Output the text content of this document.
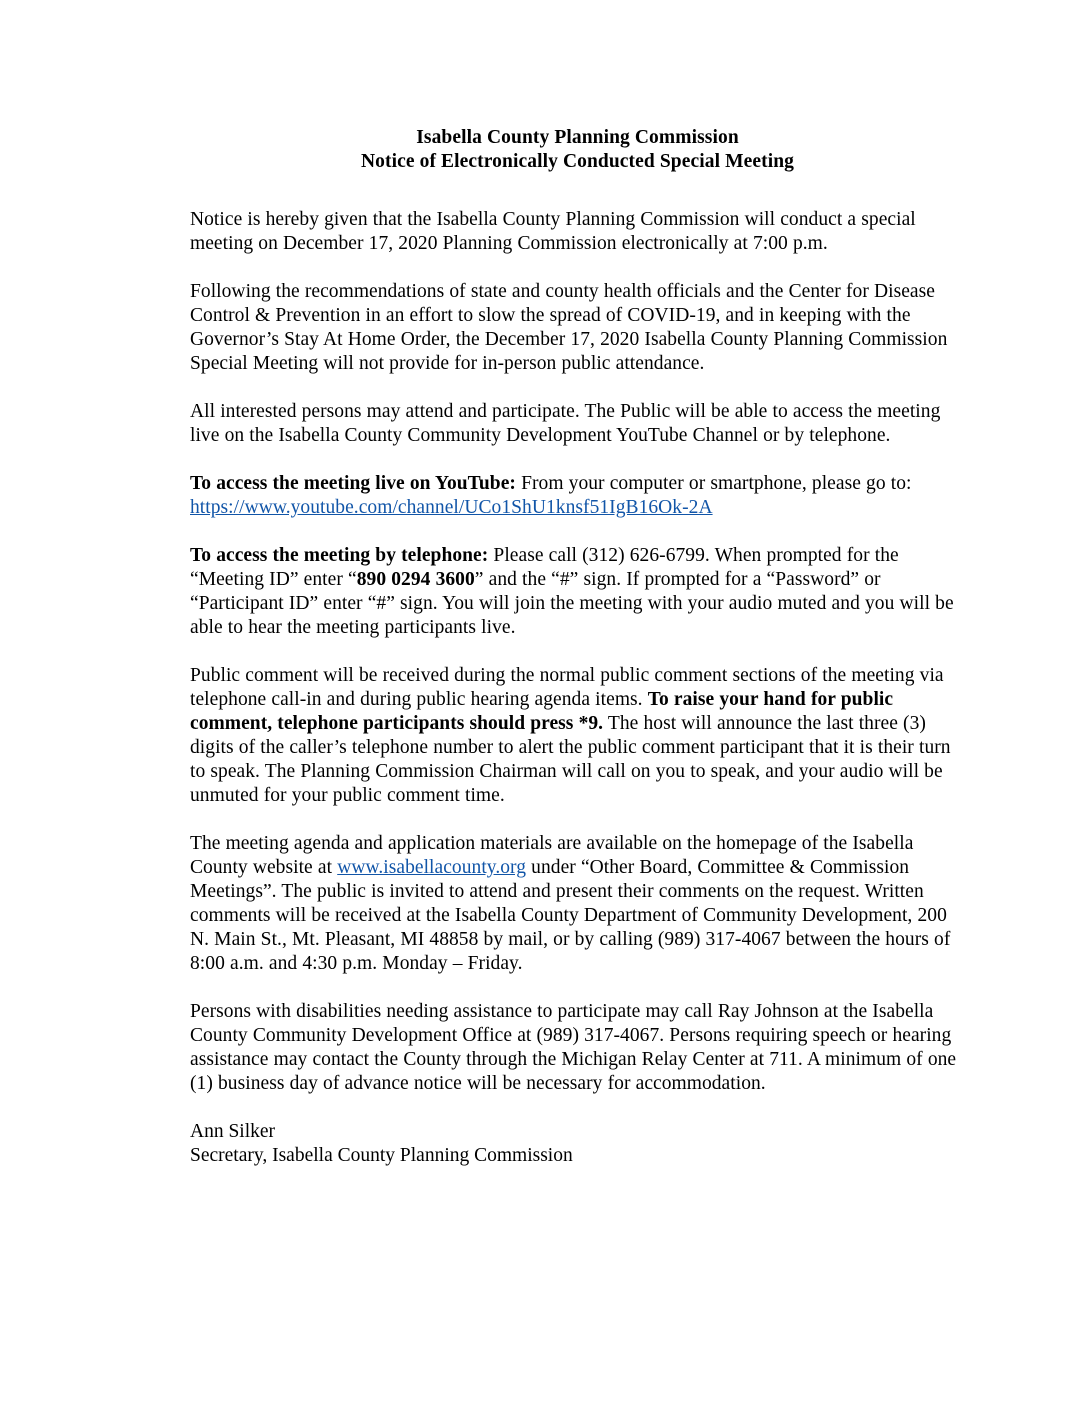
Isabella County Planning Commission
Notice of Electronically Conducted Special Meeting

Notice is hereby given that the Isabella County Planning Commission will conduct a special meeting on December 17, 2020 Planning Commission electronically at 7:00 p.m.

Following the recommendations of state and county health officials and the Center for Disease Control & Prevention in an effort to slow the spread of COVID-19, and in keeping with the Governor’s Stay At Home Order, the December 17, 2020 Isabella County Planning Commission Special Meeting will not provide for in-person public attendance.

All interested persons may attend and participate. The Public will be able to access the meeting live on the Isabella County Community Development YouTube Channel or by telephone.

To access the meeting live on YouTube: From your computer or smartphone, please go to:
https://www.youtube.com/channel/UCo1ShU1knsf51IgB16Ok-2A

To access the meeting by telephone: Please call (312) 626-6799. When prompted for the “Meeting ID” enter “890 0294 3600” and the “#” sign. If prompted for a “Password” or “Participant ID” enter “#” sign. You will join the meeting with your audio muted and you will be able to hear the meeting participants live.

Public comment will be received during the normal public comment sections of the meeting via telephone call-in and during public hearing agenda items. To raise your hand for public comment, telephone participants should press *9. The host will announce the last three (3) digits of the caller’s telephone number to alert the public comment participant that it is their turn to speak. The Planning Commission Chairman will call on you to speak, and your audio will be unmuted for your public comment time.

The meeting agenda and application materials are available on the homepage of the Isabella County website at www.isabellacounty.org under “Other Board, Committee & Commission Meetings”. The public is invited to attend and present their comments on the request. Written comments will be received at the Isabella County Department of Community Development, 200 N. Main St., Mt. Pleasant, MI 48858 by mail, or by calling (989) 317-4067 between the hours of 8:00 a.m. and 4:30 p.m. Monday – Friday.

Persons with disabilities needing assistance to participate may call Ray Johnson at the Isabella County Community Development Office at (989) 317-4067. Persons requiring speech or hearing assistance may contact the County through the Michigan Relay Center at 711. A minimum of one (1) business day of advance notice will be necessary for accommodation.

Ann Silker

Secretary, Isabella County Planning Commission
